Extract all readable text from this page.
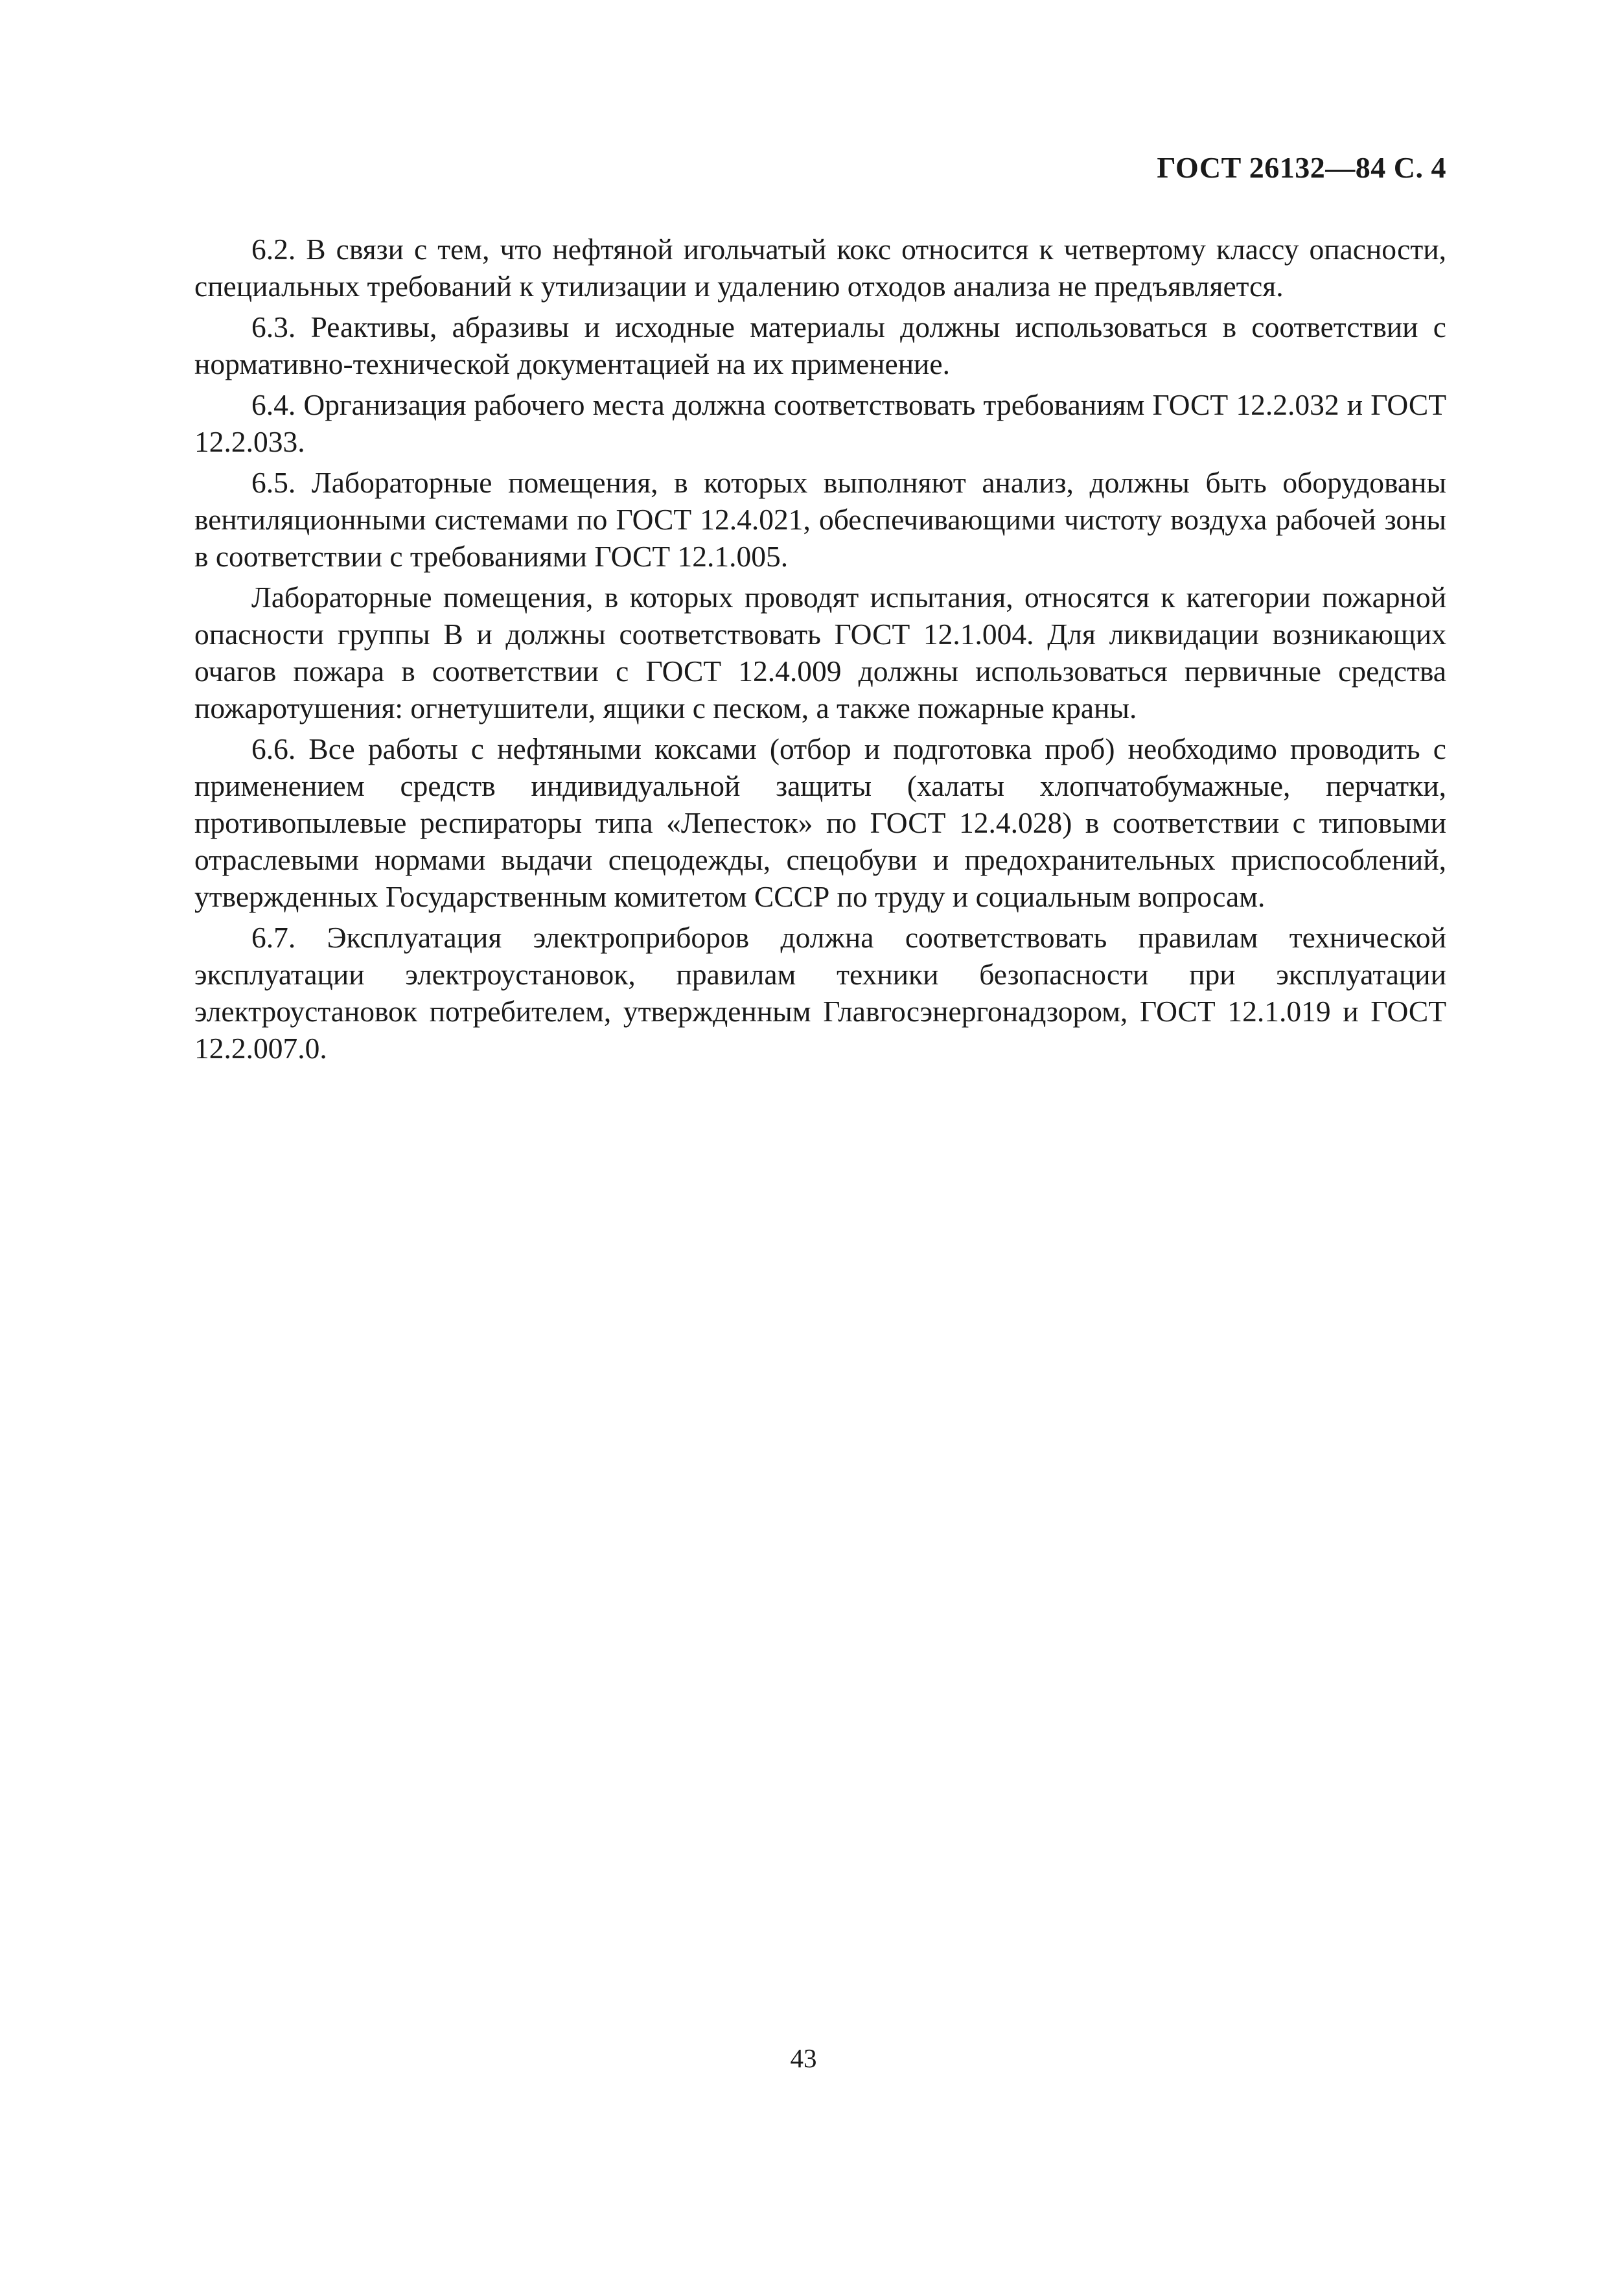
ГОСТ 26132—84 С. 4

6.2. В связи с тем, что нефтяной игольчатый кокс относится к четвертому классу опасности, специальных требований к утилизации и удалению отходов анализа не предъявляется.

6.3. Реактивы, абразивы и исходные материалы должны использоваться в соответствии с нормативно-технической документацией на их применение.

6.4. Организация рабочего места должна соответствовать требованиям ГОСТ 12.2.032 и ГОСТ 12.2.033.

6.5. Лабораторные помещения, в которых выполняют анализ, должны быть оборудованы вентиляционными системами по ГОСТ 12.4.021, обеспечивающими чистоту воздуха рабочей зоны в соответствии с требованиями ГОСТ 12.1.005.

Лабораторные помещения, в которых проводят испытания, относятся к категории пожарной опасности группы В и должны соответствовать ГОСТ 12.1.004. Для ликвидации возникающих очагов пожара в соответствии с ГОСТ 12.4.009 должны использоваться первичные средства пожаротушения: огнетушители, ящики с песком, а также пожарные краны.

6.6. Все работы с нефтяными коксами (отбор и подготовка проб) необходимо проводить с применением средств индивидуальной защиты (халаты хлопчатобумажные, перчатки, противопылевые респираторы типа «Лепесток» по ГОСТ 12.4.028) в соответствии с типовыми отраслевыми нормами выдачи спецодежды, спецобуви и предохранительных приспособлений, утвержденных Государственным комитетом СССР по труду и социальным вопросам.

6.7. Эксплуатация электроприборов должна соответствовать правилам технической эксплуатации электроустановок, правилам техники безопасности при эксплуатации электроустановок потребителем, утвержденным Главгосэнергонадзором, ГОСТ 12.1.019 и ГОСТ 12.2.007.0.

43
